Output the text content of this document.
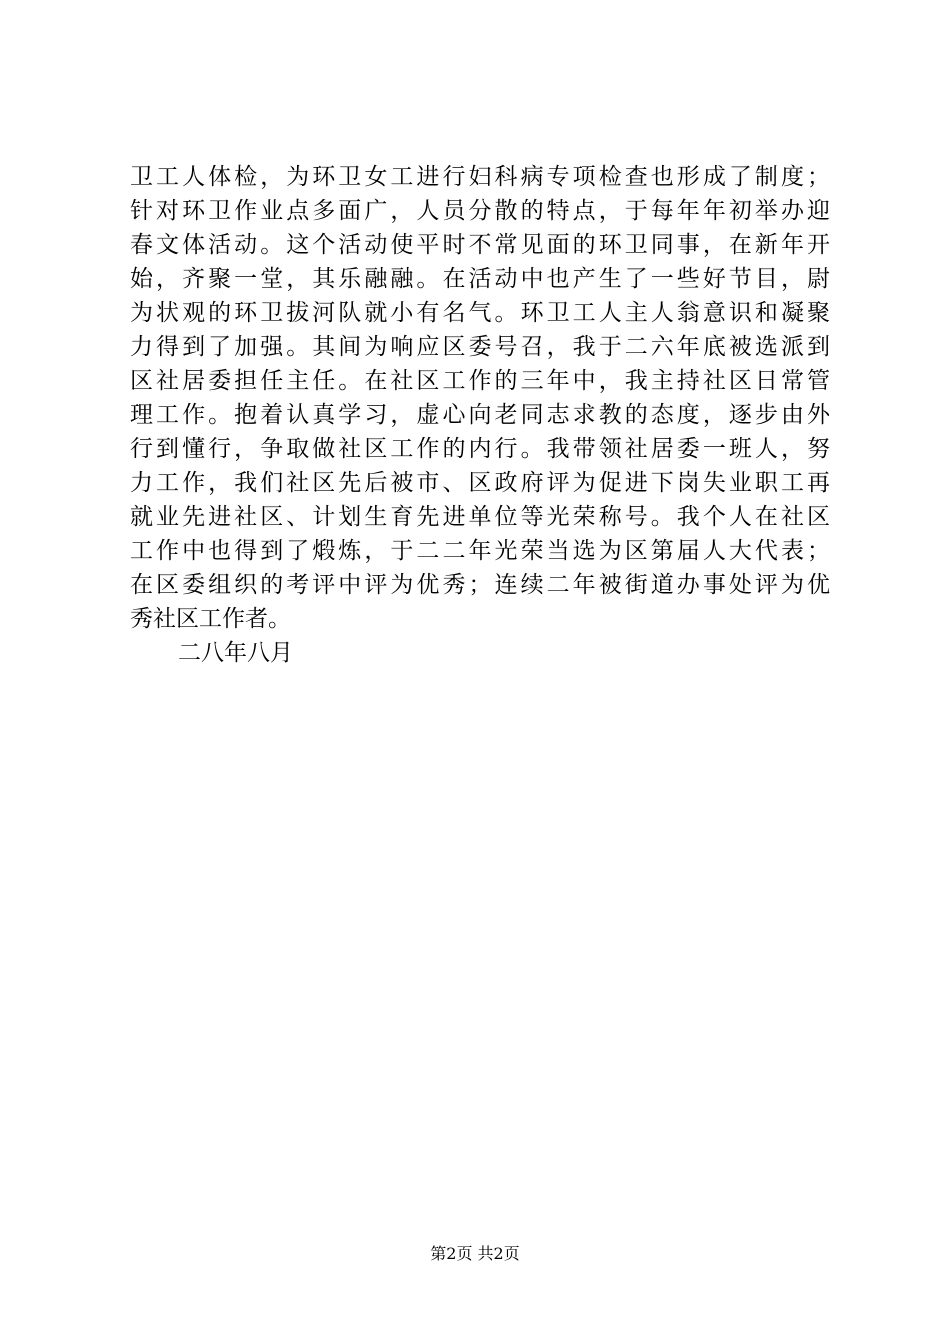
卫工人体检，为环卫女工进行妇科病专项检查也形成了制度；
针对环卫作业点多面广，人员分散的特点，于每年年初举办迎
春文体活动。这个活动使平时不常见面的环卫同事，在新年开
始，齐聚一堂，其乐融融。在活动中也产生了一些好节目，尉
为状观的环卫拔河队就小有名气。环卫工人主人翁意识和凝聚
力得到了加强。其间为响应区委号召，我于二六年底被选派到
区社居委担任主任。在社区工作的三年中，我主持社区日常管
理工作。抱着认真学习，虚心向老同志求教的态度，逐步由外
行到懂行，争取做社区工作的内行。我带领社居委一班人，努
力工作，我们社区先后被市、区政府评为促进下岗失业职工再
就业先进社区、计划生育先进单位等光荣称号。我个人在社区
工作中也得到了煅炼，于二二年光荣当选为区第届人大代表；
在区委组织的考评中评为优秀；连续二年被街道办事处评为优
秀社区工作者。
二八年八月
第2页 共2页
